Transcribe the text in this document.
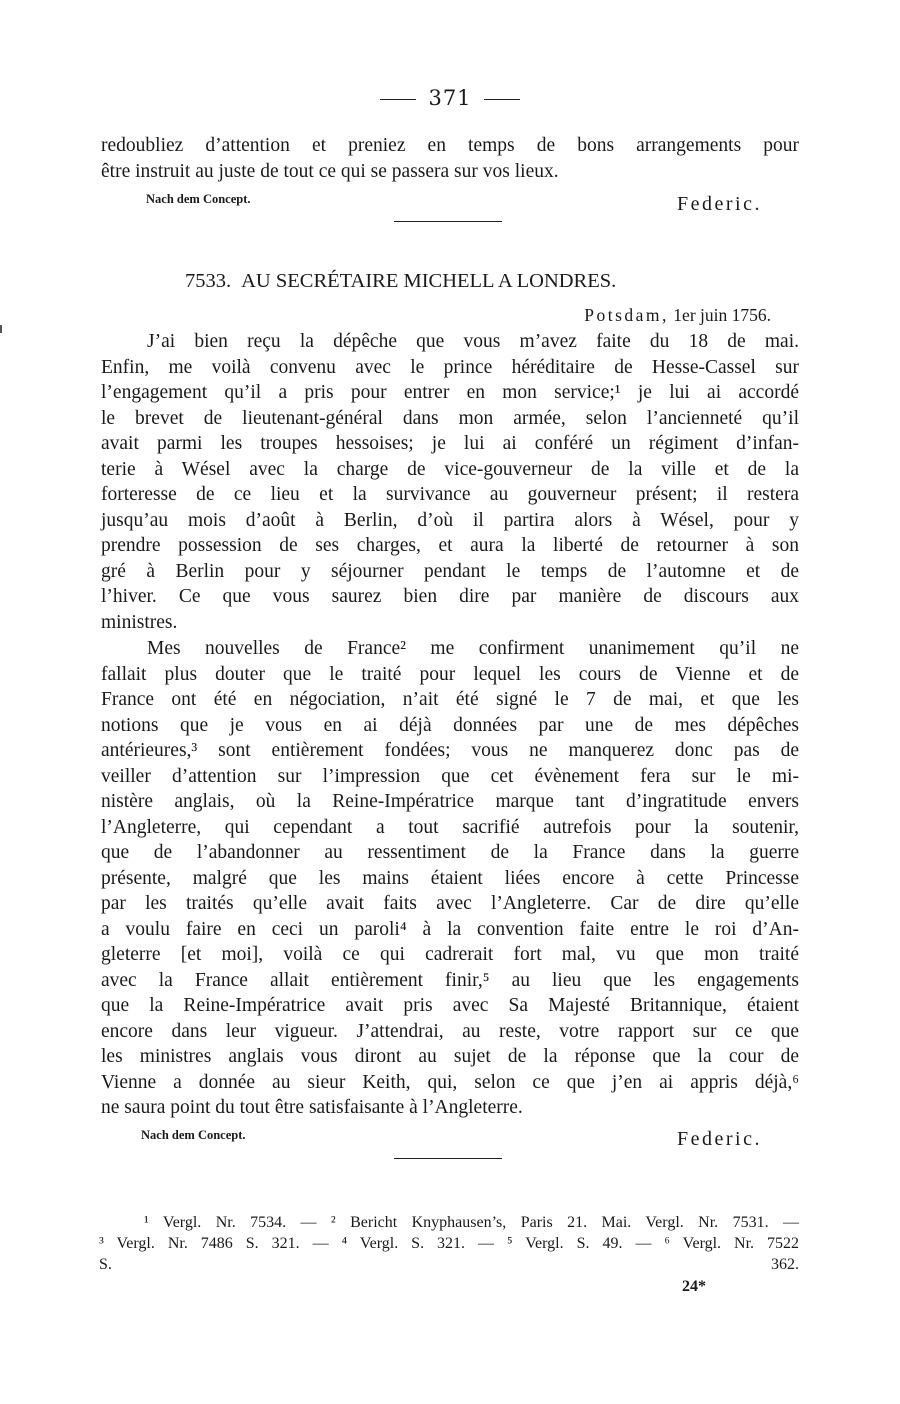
371
redoubliez d’attention et preniez en temps de bons arrangements pour
être instruit au juste de tout ce qui se passera sur vos lieux.
Nach dem Concept.	Federic.
7533. AU SECRÉTAIRE MICHELL A LONDRES.
Potsdam, 1er juin 1756.
J’ai bien reçu la dépêche que vous m’avez faite du 18 de mai.
Enfin, me voilà convenu avec le prince héréditaire de Hesse-Cassel sur
l’engagement qu’il a pris pour entrer en mon service;¹ je lui ai accordé
le brevet de lieutenant-général dans mon armée, selon l’ancienneté qu’il
avait parmi les troupes hessoises; je lui ai conféré un régiment d’infan-
terie à Wésel avec la charge de vice-gouverneur de la ville et de la
forteresse de ce lieu et la survivance au gouverneur présent; il restera
jusqu’au mois d’août à Berlin, d’où il partira alors à Wésel, pour y
prendre possession de ses charges, et aura la liberté de retourner à son
gré à Berlin pour y séjourner pendant le temps de l’automne et de
l’hiver. Ce que vous saurez bien dire par manière de discours aux
ministres.
Mes nouvelles de France² me confirment unanimement qu’il ne
fallait plus douter que le traité pour lequel les cours de Vienne et de
France ont été en négociation, n’ait été signé le 7 de mai, et que les
notions que je vous en ai déjà données par une de mes dépêches
antérieures,³ sont entièrement fondées; vous ne manquerez donc pas de
veiller d’attention sur l’impression que cet évènement fera sur le mi-
nistère anglais, où la Reine-Impératrice marque tant d’ingratitude envers
l’Angleterre, qui cependant a tout sacrifié autrefois pour la soutenir,
que de l’abandonner au ressentiment de la France dans la guerre
présente, malgré que les mains étaient liées encore à cette Princesse
par les traités qu’elle avait faits avec l’Angleterre. Car de dire qu’elle
a voulu faire en ceci un paroli⁴ à la convention faite entre le roi d’An-
gleterre [et moi], voilà ce qui cadrerait fort mal, vu que mon traité
avec la France allait entièrement finir,⁵ au lieu que les engagements
que la Reine-Impératrice avait pris avec Sa Majesté Britannique, étaient
encore dans leur vigueur. J’attendrai, au reste, votre rapport sur ce que
les ministres anglais vous diront au sujet de la réponse que la cour de
Vienne a donnée au sieur Keith, qui, selon ce que j’en ai appris déjà,⁶
ne saura point du tout être satisfaisante à l’Angleterre.
Nach dem Concept.	Federic.
¹ Vergl. Nr. 7534. — ² Bericht Knyphausen’s, Paris 21. Mai. Vergl. Nr. 7531. —
³ Vergl. Nr. 7486 S. 321. — ⁴ Vergl. S. 321. — ⁵ Vergl. S. 49. — ⁶ Vergl. Nr. 7522
S. 362.
24*
